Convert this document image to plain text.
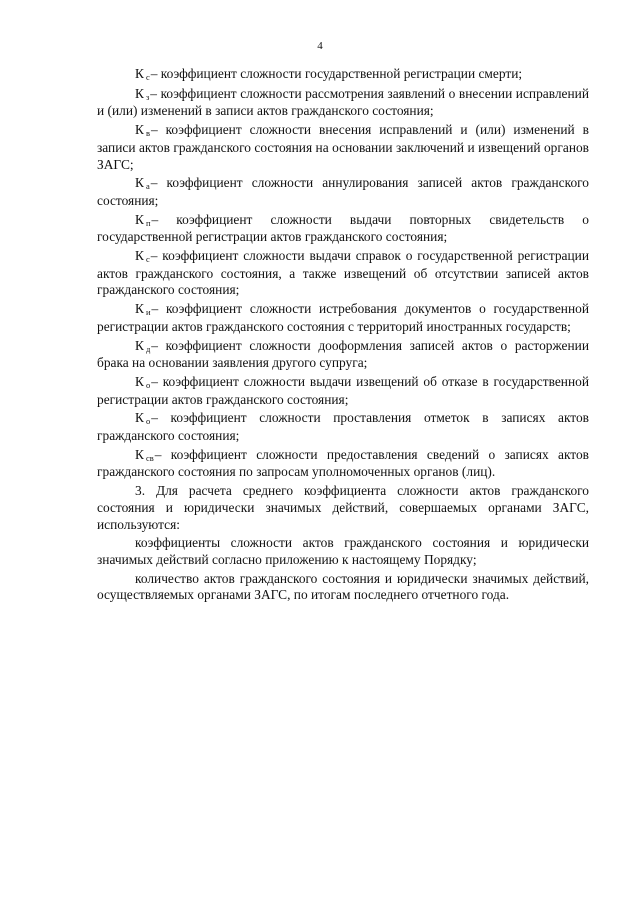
4

Кс– коэффициент сложности государственной регистрации смерти;

Кз– коэффициент сложности рассмотрения заявлений о внесении исправлений и (или) изменений в записи актов гражданского состояния;

Кв– коэффициент сложности внесения исправлений и (или) изменений в записи актов гражданского состояния на основании заключений и извещений органов ЗАГС;

Ка– коэффициент сложности аннулирования записей актов гражданского состояния;

Кп– коэффициент сложности выдачи повторных свидетельств о государственной регистрации актов гражданского состояния;

Кс– коэффициент сложности выдачи справок о государственной регистрации актов гражданского состояния, а также извещений об отсутствии записей актов гражданского состояния;

Ки– коэффициент сложности истребования документов о государственной регистрации актов гражданского состояния с территорий иностранных государств;

Кд– коэффициент сложности дооформления записей актов о расторжении брака на основании заявления другого супруга;

Ко– коэффициент сложности выдачи извещений об отказе в государственной регистрации актов гражданского состояния;

Ко– коэффициент сложности проставления отметок в записях актов гражданского состояния;

Ксв– коэффициент сложности предоставления сведений о записях актов гражданского состояния по запросам уполномоченных органов (лиц).

3. Для расчета среднего коэффициента сложности актов гражданского состояния и юридически значимых действий, совершаемых органами ЗАГС, используются:

коэффициенты сложности актов гражданского состояния и юридически значимых действий согласно приложению к настоящему Порядку;

количество актов гражданского состояния и юридически значимых действий, осуществляемых органами ЗАГС, по итогам последнего отчетного года.
